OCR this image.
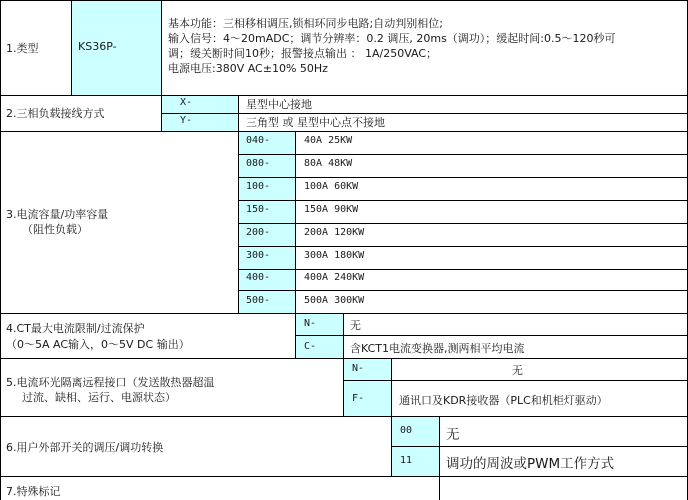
1.类型	KS36P-
基本功能：三相移相调压,锁相环同步电路;自动判别相位;
输入信号：4～20mADC；调节分辨率：0.2 调压, 20ms（调功）；缓起时间:0.5～120秒可
调；缓关断时间10秒；报警接点输出 ： 1A/250VAC；
电源电压:380V AC±10% 50Hz
2.三相负载接线方式
X-	星型中心接地
Y-	三角型 或 星型中心点不接地
3.电流容量/功率容量
（阻性负载）
040-	40A 25KW
080-	80A 48KW
100-	100A 60KW
150-	150A 90KW
200-	200A 120KW
300-	300A 180KW
400-	400A 240KW
500-	500A 300KW
4.CT最大电流限制/过流保护
（0～5A AC输入，0～5V DC 输出）
N-	无
C-	含KCT1电流变换器,测两相平均电流
5.电流环光隔离远程接口（发送散热器超温
过流、缺相、运行、电源状态）
N-	无
F-	通讯口及KDR接收器（PLC和机柜灯驱动）
6.用户外部开关的调压/调功转换
00	无
11	调功的周波或PWM工作方式
7.特殊标记
